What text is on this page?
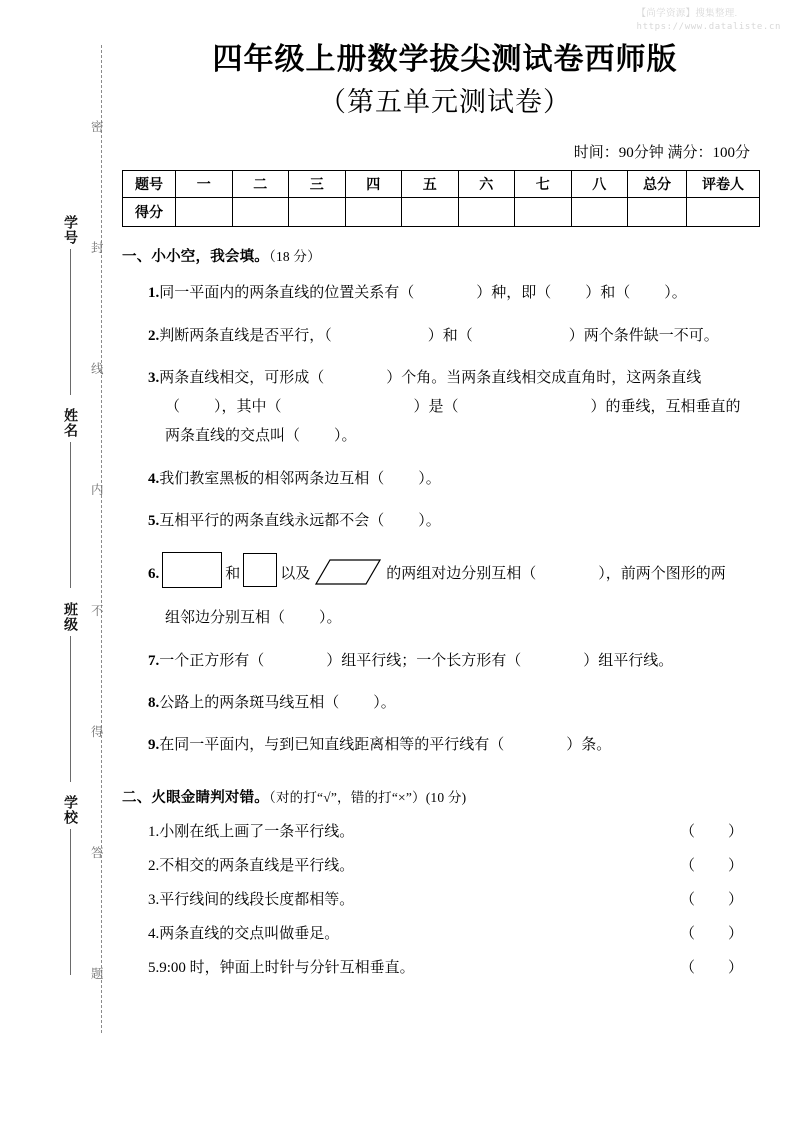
【尚学资源】搜集整理.
https://www.dataliste.cn
密
封
线
内
不
得
答
题
学号
姓名
班级
学校
四年级上册数学拔尖测试卷西师版
（第五单元测试卷）
时间：90分钟 满分：100分
题号	一	二	三	四	五	六	七	八	总分	评卷人
得分										
一、小小空，我会填。（18 分）
1.同一平面内的两条直线的位置关系有（	）种，即（ ）和（ ）。
2.判断两条直线是否平行，（	）和（	）两个条件缺一不可。
3.两条直线相交，可形成（	）个角。当两条直线相交成直角时，这两条直线
（ ），其中（	）是（	）的垂线，互相垂直的
两条直线的交点叫（ ）。
4.我们教室黑板的相邻两条边互相（ ）。
5.互相平行的两条直线永远都不会（ ）。
6.	和	以及	的两组对边分别互相（	），前两个图形的两
组邻边分别互相（ ）。
7.一个正方形有（	）组平行线；一个长方形有（	）组平行线。
8.公路上的两条斑马线互相（ ）。
9.在同一平面内，与到已知直线距离相等的平行线有（	）条。
二、火眼金睛判对错。（对的打“√”，错的打“×”）(10 分)
1.小刚在纸上画了一条平行线。	（　　）
2.不相交的两条直线是平行线。	（　　）
3.平行线间的线段长度都相等。	（　　）
4.两条直线的交点叫做垂足。	（　　）
5.9:00 时，钟面上时针与分针互相垂直。	（　　）
